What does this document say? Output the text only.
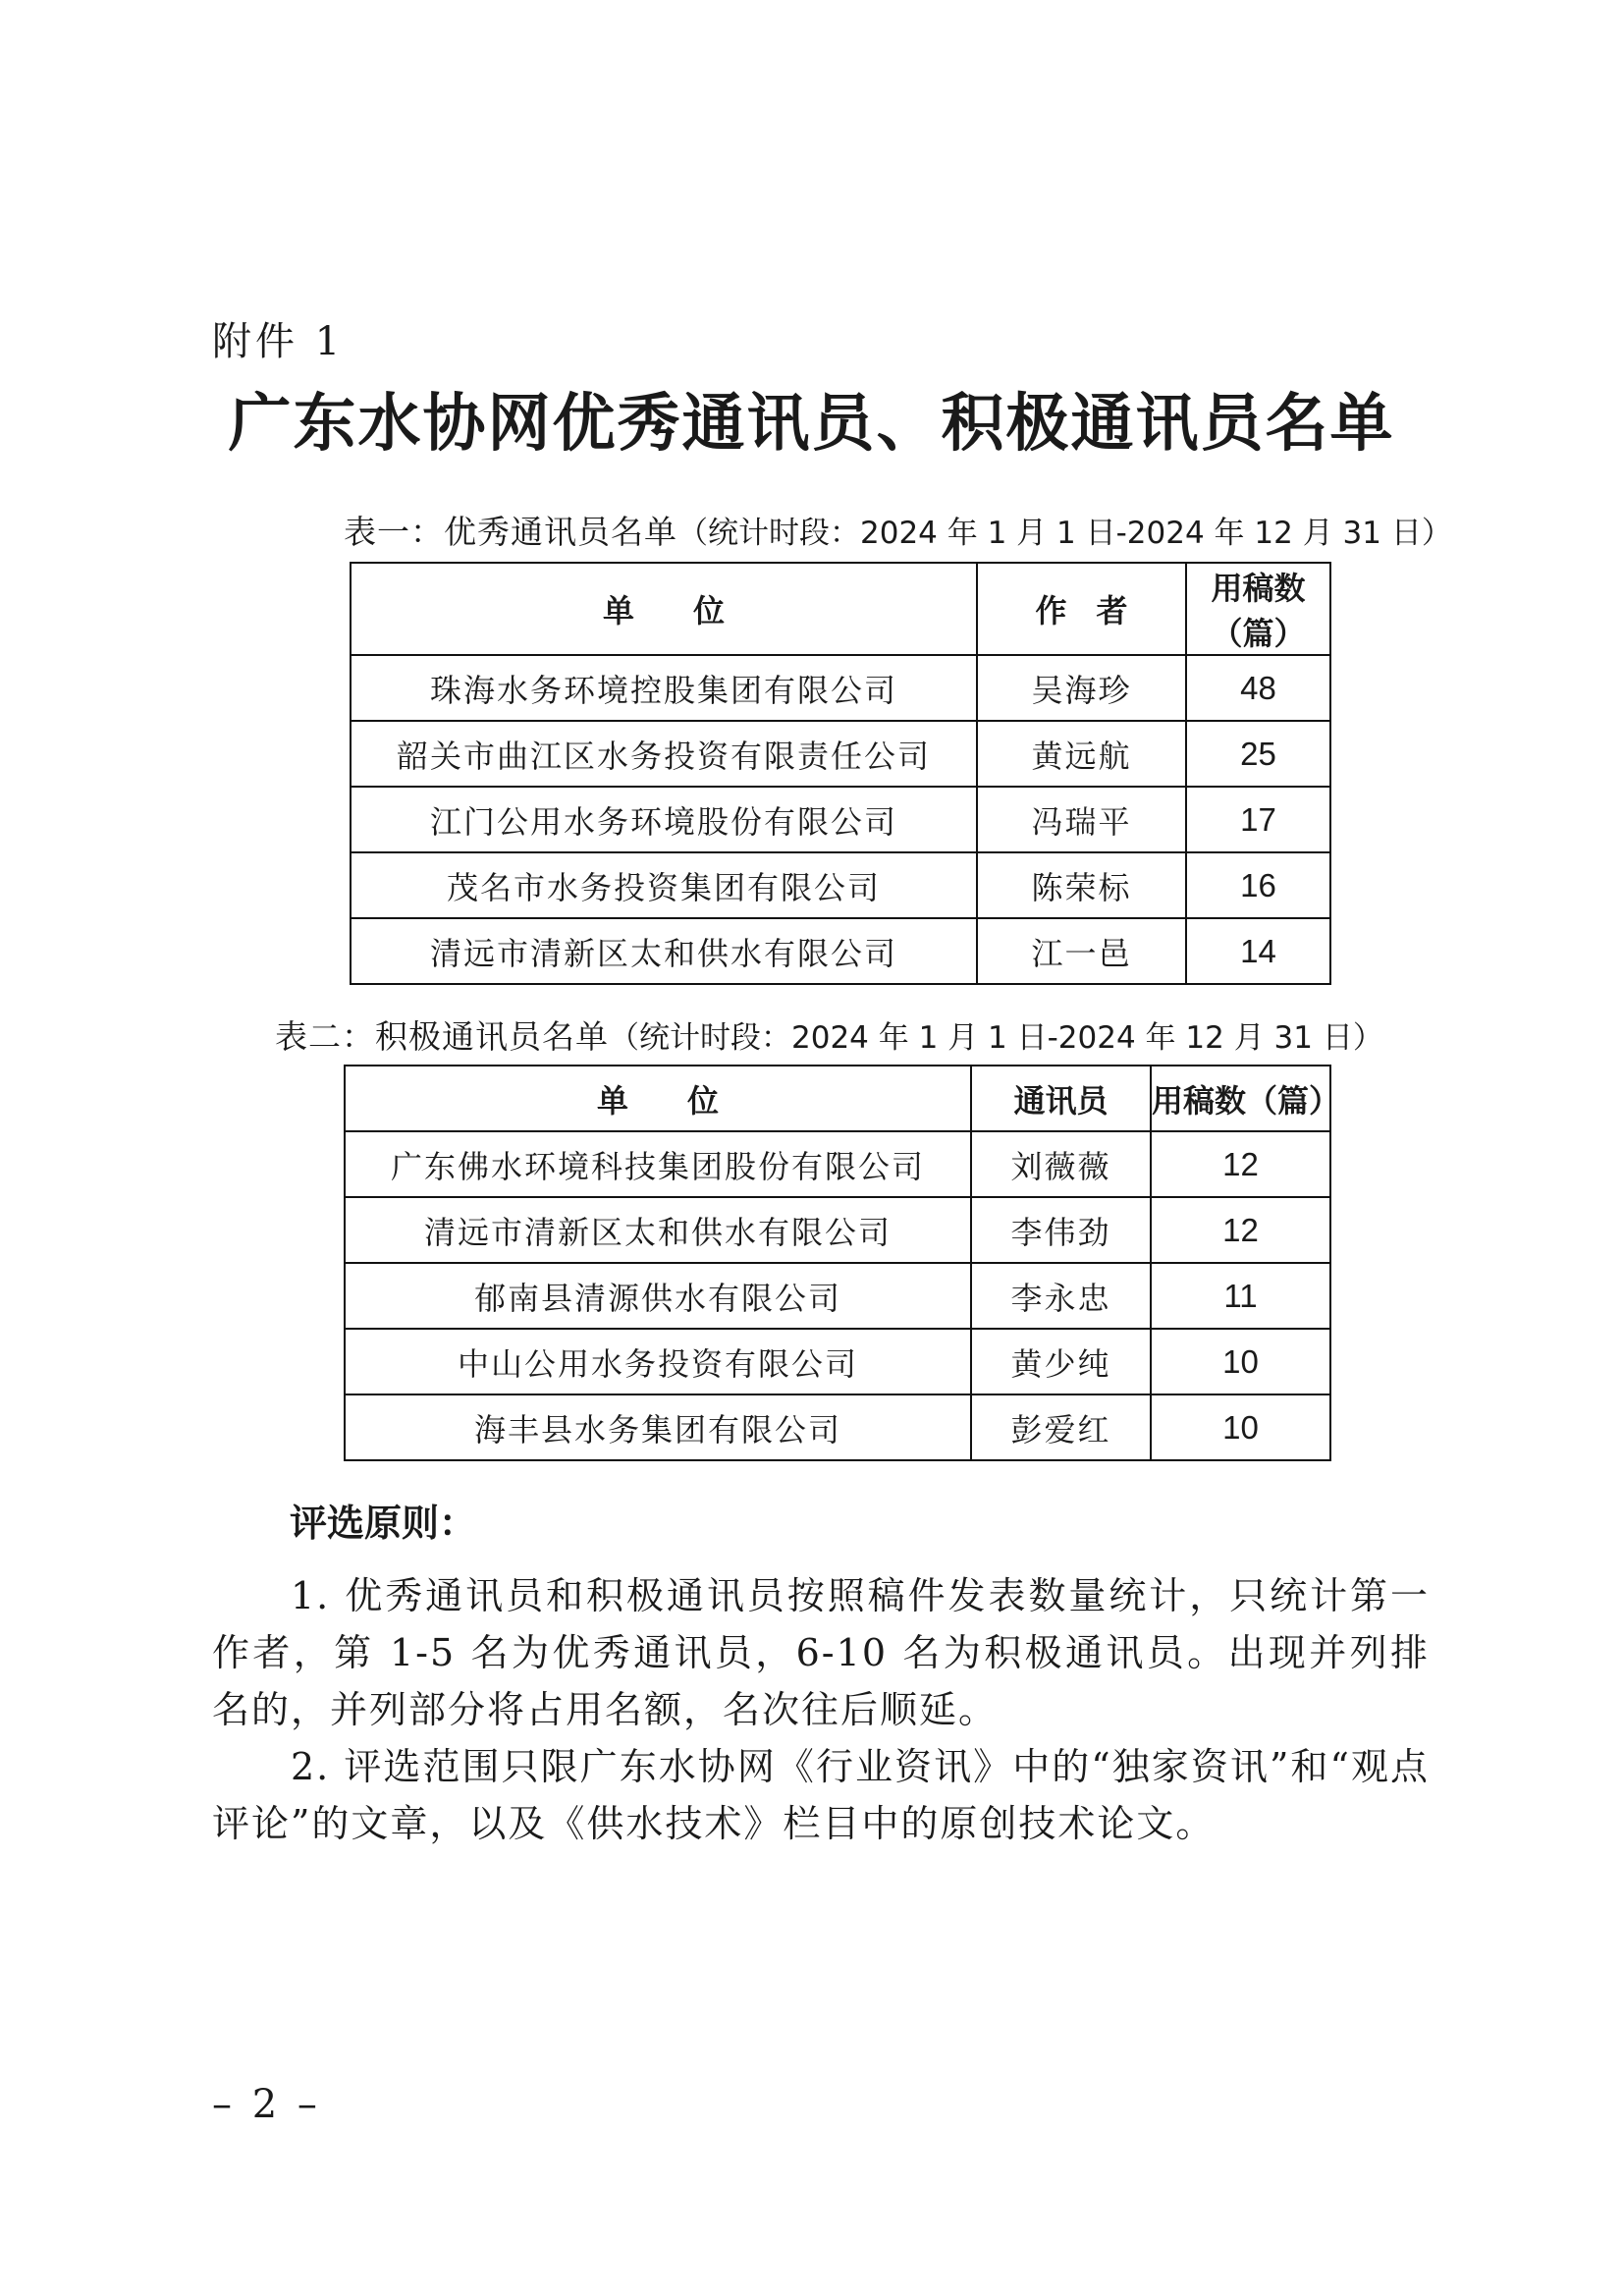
附件 1
广东水协网优秀通讯员、积极通讯员名单
表一：优秀通讯员名单（统计时段：2024 年 1 月 1 日-2024 年 12 月 31 日）
单位	作者	用稿数（篇）
珠海水务环境控股集团有限公司	吴海珍	48
韶关市曲江区水务投资有限责任公司	黄远航	25
江门公用水务环境股份有限公司	冯瑞平	17
茂名市水务投资集团有限公司	陈荣标	16
清远市清新区太和供水有限公司	江一邑	14
表二：积极通讯员名单（统计时段：2024 年 1 月 1 日-2024 年 12 月 31 日）
单位	通讯员	用稿数（篇）
广东佛水环境科技集团股份有限公司	刘薇薇	12
清远市清新区太和供水有限公司	李伟劲	12
郁南县清源供水有限公司	李永忠	11
中山公用水务投资有限公司	黄少纯	10
海丰县水务集团有限公司	彭爱红	10
评选原则：

1. 优秀通讯员和积极通讯员按照稿件发表数量统计，只统计第一作者，第 1-5 名为优秀通讯员，6-10 名为积极通讯员。出现并列排名的，并列部分将占用名额，名次往后顺延。

2. 评选范围只限广东水协网《行业资讯》中的“独家资讯”和“观点评论”的文章，以及《供水技术》栏目中的原创技术论文。

– 2 –
